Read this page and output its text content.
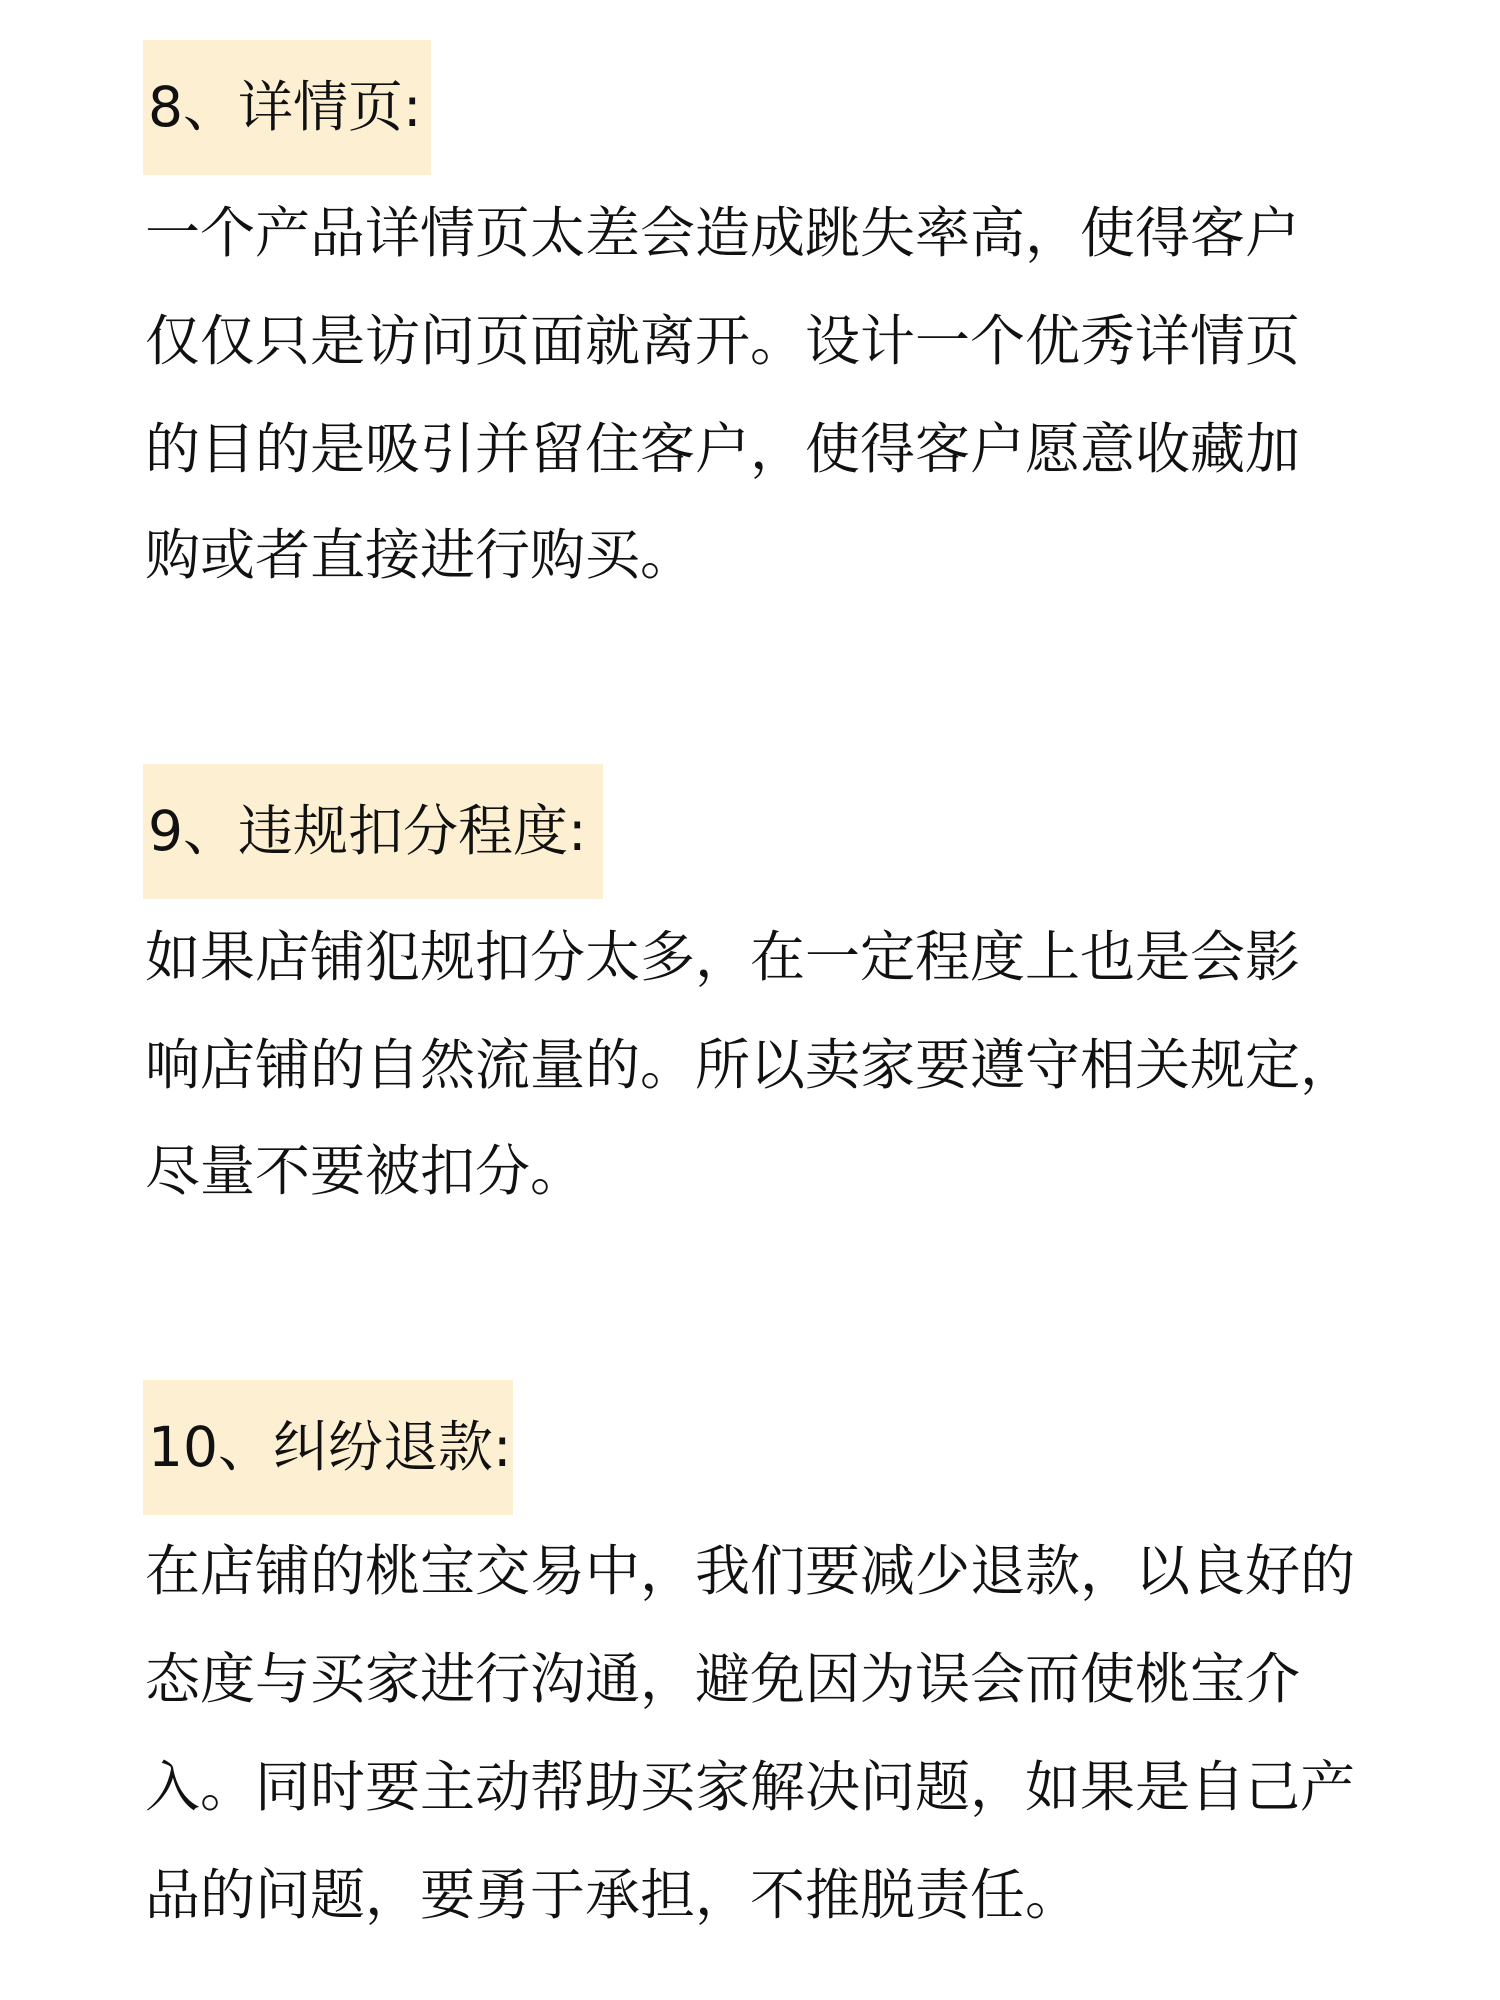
8、详情页:
一个产品详情页太差会造成跳失率高，使得客户
仅仅只是访问页面就离开。设计一个优秀详情页
的目的是吸引并留住客户，使得客户愿意收藏加
购或者直接进行购买。
9、违规扣分程度:
如果店铺犯规扣分太多，在一定程度上也是会影
响店铺的自然流量的。所以卖家要遵守相关规定，
尽量不要被扣分。
10、纠纷退款:
在店铺的桃宝交易中，我们要减少退款，以良好的
态度与买家进行沟通，避免因为误会而使桃宝介
入。同时要主动帮助买家解决问题，如果是自己产
品的问题，要勇于承担，不推脱责任。
